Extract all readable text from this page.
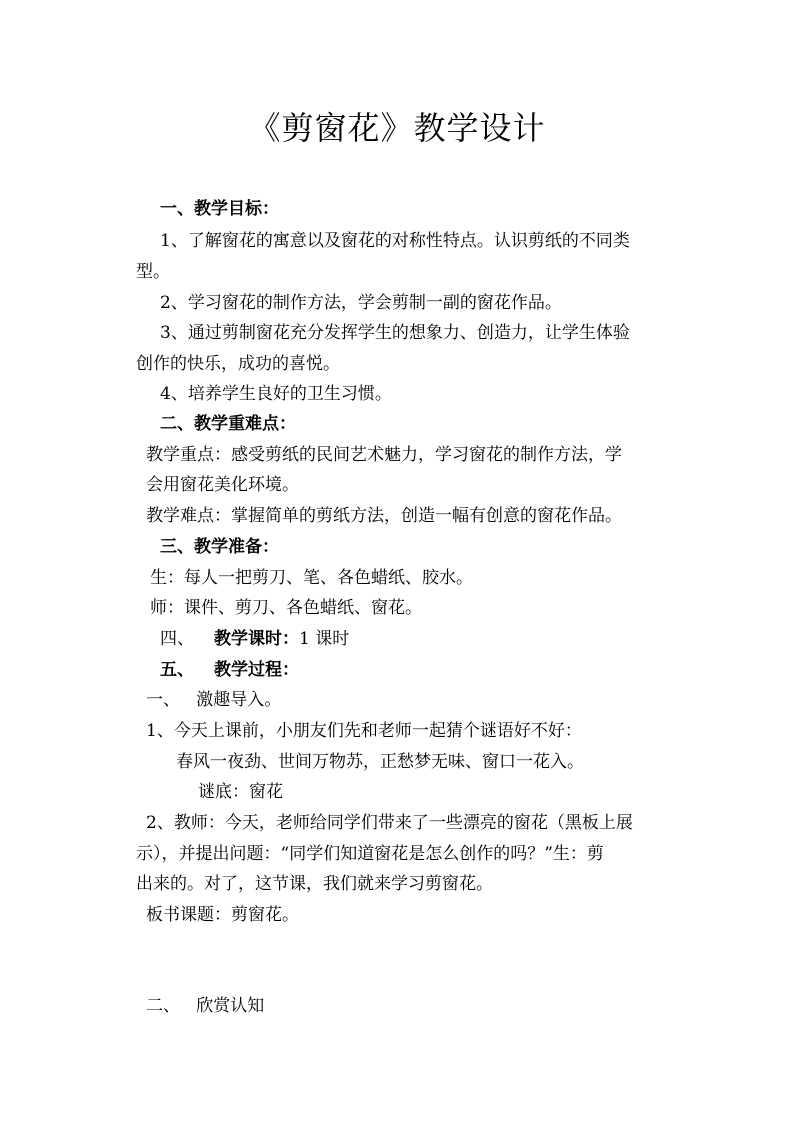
《剪窗花》教学设计
一、教学目标：
1、了解窗花的寓意以及窗花的对称性特点。认识剪纸的不同类
型。
2、学习窗花的制作方法，学会剪制一副的窗花作品。
3、通过剪制窗花充分发挥学生的想象力、创造力，让学生体验
创作的快乐，成功的喜悦。
4、培养学生良好的卫生习惯。
二、教学重难点：
教学重点：感受剪纸的民间艺术魅力，学习窗花的制作方法，学
会用窗花美化环境。
教学难点：掌握简单的剪纸方法，创造一幅有创意的窗花作品。
三、教学准备：
生：每人一把剪刀、笔、各色蜡纸、胶水。
师：课件、剪刀、各色蜡纸、窗花。
四、 教学课时：1 课时
五、 教学过程：
一、   激趣导入。
1、今天上课前，小朋友们先和老师一起猜个谜语好不好：
春风一夜劲、世间万物苏，正愁梦无味、窗口一花入。
谜底：窗花
2、教师：今天，老师给同学们带来了一些漂亮的窗花（黑板上展
示），并提出问题：“同学们知道窗花是怎么创作的吗？”生：剪
出来的。对了，这节课，我们就来学习剪窗花。
板书课题：剪窗花。
二、   欣赏认知
